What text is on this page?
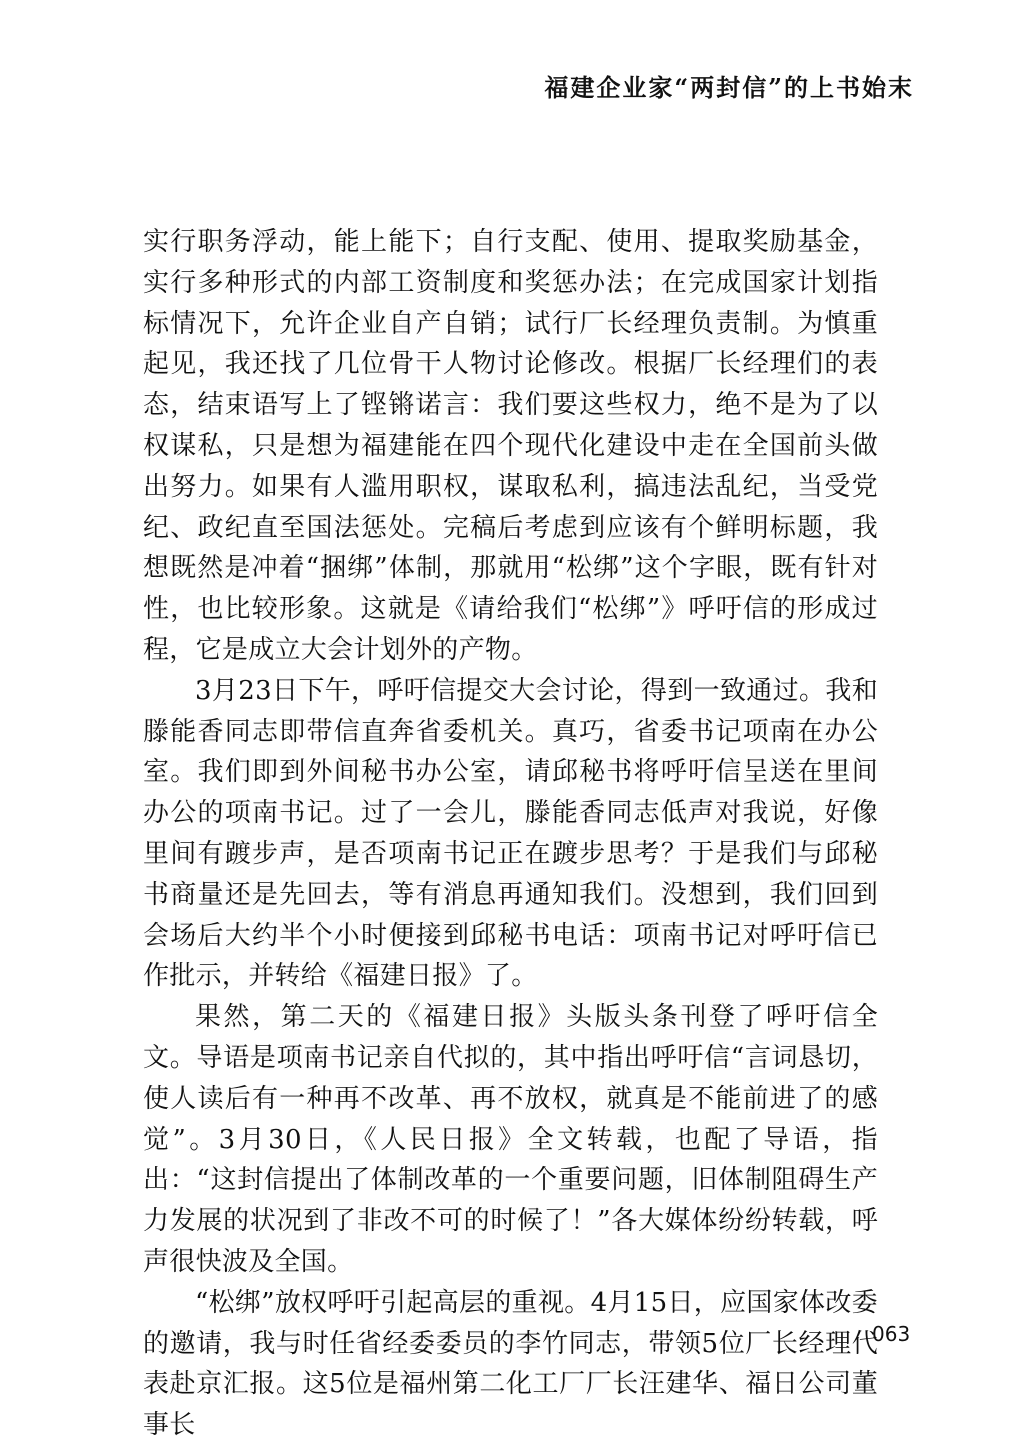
福建企业家“两封信”的上书始末

实行职务浮动，能上能下；自行支配、使用、提取奖励基金，实行多种形式的内部工资制度和奖惩办法；在完成国家计划指标情况下，允许企业自产自销；试行厂长经理负责制。为慎重起见，我还找了几位骨干人物讨论修改。根据厂长经理们的表态，结束语写上了铿锵诺言：我们要这些权力，绝不是为了以权谋私，只是想为福建能在四个现代化建设中走在全国前头做出努力。如果有人滥用职权，谋取私利，搞违法乱纪，当受党纪、政纪直至国法惩处。完稿后考虑到应该有个鲜明标题，我想既然是冲着“捆绑”体制，那就用“松绑”这个字眼，既有针对性，也比较形象。这就是《请给我们“松绑”》呼吁信的形成过程，它是成立大会计划外的产物。

3月23日下午，呼吁信提交大会讨论，得到一致通过。我和滕能香同志即带信直奔省委机关。真巧，省委书记项南在办公室。我们即到外间秘书办公室，请邱秘书将呼吁信呈送在里间办公的项南书记。过了一会儿，滕能香同志低声对我说，好像里间有踱步声，是否项南书记正在踱步思考？于是我们与邱秘书商量还是先回去，等有消息再通知我们。没想到，我们回到会场后大约半个小时便接到邱秘书电话：项南书记对呼吁信已作批示，并转给《福建日报》了。

果然，第二天的《福建日报》头版头条刊登了呼吁信全文。导语是项南书记亲自代拟的，其中指出呼吁信“言词恳切，使人读后有一种再不改革、再不放权，就真是不能前进了的感觉”。3月30日，《人民日报》全文转载，也配了导语，指出：“这封信提出了体制改革的一个重要问题，旧体制阻碍生产力发展的状况到了非改不可的时候了！”各大媒体纷纷转载，呼声很快波及全国。

“松绑”放权呼吁引起高层的重视。4月15日，应国家体改委的邀请，我与时任省经委委员的李竹同志，带领5位厂长经理代表赴京汇报。这5位是福州第二化工厂厂长汪建华、福日公司董事长

063
